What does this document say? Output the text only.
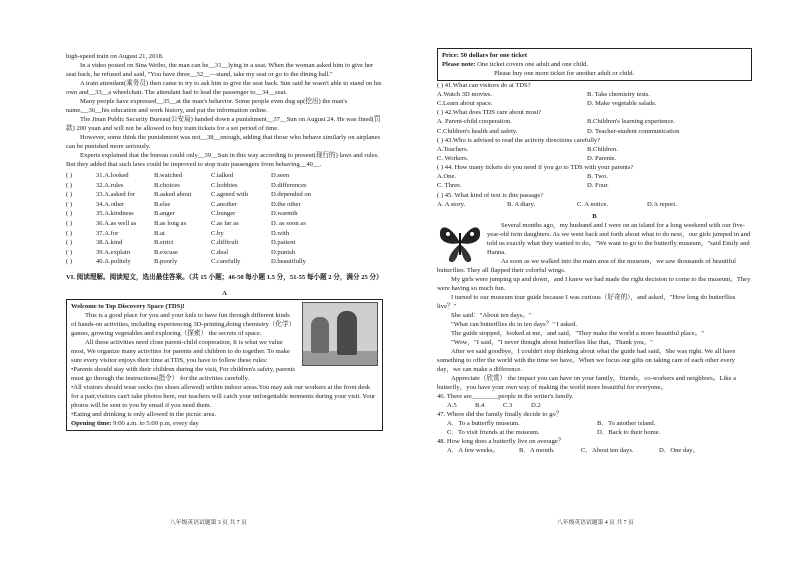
high-speed train on August 21, 2018.

In a video posted on Sina Weibo, the man can be__31__lying in a seat. When the woman asked him to give her seat back, he refused and said, "You have three__32__—stand, take my seat or go to the dining hall."

A train attendant(乘务员) then came to try to ask him to give the seat back. Sun said he wasn't able to stand on his own and__33__a wheelchair. The attendant had to lead the passenger to__34__seat.

Many people have expressed__35__at the man's behavior. Some people even dug up(挖出) the man's name,__36__his education and work history, and put the information online.

The Jinan Public Security Bureau(公安局) handed down a punishment__37__Sun on August 24. He was fined(罚款) 200 yuan and will not be allowed to buy train tickets for a set period of time.

However, some think the punishment was not__38__enough, adding that those who behave similarly on airplanes can be punished more seriously.

Experts explained that the bureau could only__39__Sun in this way according to present(现行的) laws and rules. But they added that such laws could be improved to stop train passengers from behaving__40__.

( )	31.A.looked	B.watched	C.talked	D.seen
( )	32.A.rules	B.choices	C.hobbies	D.differences
( )	33.A.asked for	B.asked about	C.agreed with	D.depended on
( )	34.A.other	B.else	C.another	D.the other
( )	35.A.kindness	B.anger	C.hunger	D.warmth
( )	36.A.as well as	B.as long as	C.as far as	D. as soon as
( )	37.A.for	B.at	C.by	D.with
( )	38.A.kind	B.strict	C.difficult	D.patient
( )	39.A.explain	B.excuse	C.deal	D.punish
( )	40.A.politely	B.poorly	C.carefully	D.beautifully

VI. 阅读理解。阅读短文，选出最佳答案。（共 15 小题；46-50 每小题 1.5 分，51-55 每小题 2 分，满分 25 分）

A

Welcome to Top Discovery Space (TDS)!

This is a good place for you and your kids to have fun through different kinds of hands-on activities, including experiencing 3D-printing,doing chemistry（化学） games, growing vegetables and exploring（探索） the secrets of space.

All these activities need close parent-child cooperation, It is what we value most, We organize many activities for parents and children to do together. To make sure every visitor enjoys their time at TDS, you have to follow these rules:

•Parents should stay with their children during the visit, For children's safety, parents must go through the instructions(指令） for the activities carefully.

•All visitors should wear socks (no shoes allowed) within indoor areas.You may ask our workers at the front desk for a pair,visitors can't take photos here, our teachers will catch your unforgettable moments during your visit. Your photos will be sent to you by email if you need them.

•Eating and drinking is only allowed in the picnic area.

Opening time: 9:00 a.m. to 5:00 p.m, every day

八年级英语试题第 3 页 共 7 页

Price: 50 dollars for one ticket

Please note: One ticket covers one adult and one child.

Please buy one more ticket for another adult or child.

( ) 41.What can visitors do at TDS?

A.Watch 3D movies.	B. Take chemistry tests.
C.Learn about space.	D. Make vegetable salads.

( ) 42.What does TDS care about most?

A. Parent-child cooperation.	B.Children's learning experience.
C.Children's health and safety.	D. Teacher-student communication

( ) 43.Who is advised to read the activity directions carefully?

A.Teachers.	B.Children.
C. Workers.	D. Parents.

( ) 44. How many tickets do you need if you go to TDS with your parents?

A.One.	B. Two.
C. Three.	D. Four.

( ) 45. What kind of text is this passage?

A. A story.	B. A diary.	C. A notice.	D.A report.

B

Several months ago，my husband and I were on an island for a long weekend with our five-year-old twin daughters. As we went back and forth about what to do next，our girls jumped in and told us exactly what they wanted to do。"We want to go to the butterfly museum，"said Emily and Hanna.

As soon as we walked into the main area of the museum，we saw thousands of beautiful butterflies. They all flapped their colorful wings.

My girls were jumping up and down，and I knew we had made the right decision to come to the museum。They were having so much fun.

I turned to our museum tour guide because I was curious（好奇的），and asked，"How long do butterflies live？"

She said："About ten days。"

"What can butterflies do in ten days？" I asked.

The guide stopped，looked at me，and said，"They make the world a more beautiful place。"

"Wow，"I said，"I never thought about butterflies like that。Thank you。"

After we said goodbye，I couldn't stop thinking about what the guide had said。She was right. We all have something to offer the world with the time we have。When we focus our gifts on taking care of each other every day，we can make a difference.

Appreciate（欣赏） the impact you can have on your family，friends，co-workers and neighbors。Like a butterfly，you have your own way of making the world more beautiful for everyone。

46. There are________people in the writer's family.

A.5	B.4	C.3	D.2

47. Where did the family finally decide to go？

A．To a butterfly museum.	B．To another island.
C．To visit friends at the museum.	D．Back to their home.

48. How long does a butterfly live on average？

A．A few weeks。	B．A month.	C．About ten days.	D．One day。
八年级英语试题第 4 页 共 7 页
